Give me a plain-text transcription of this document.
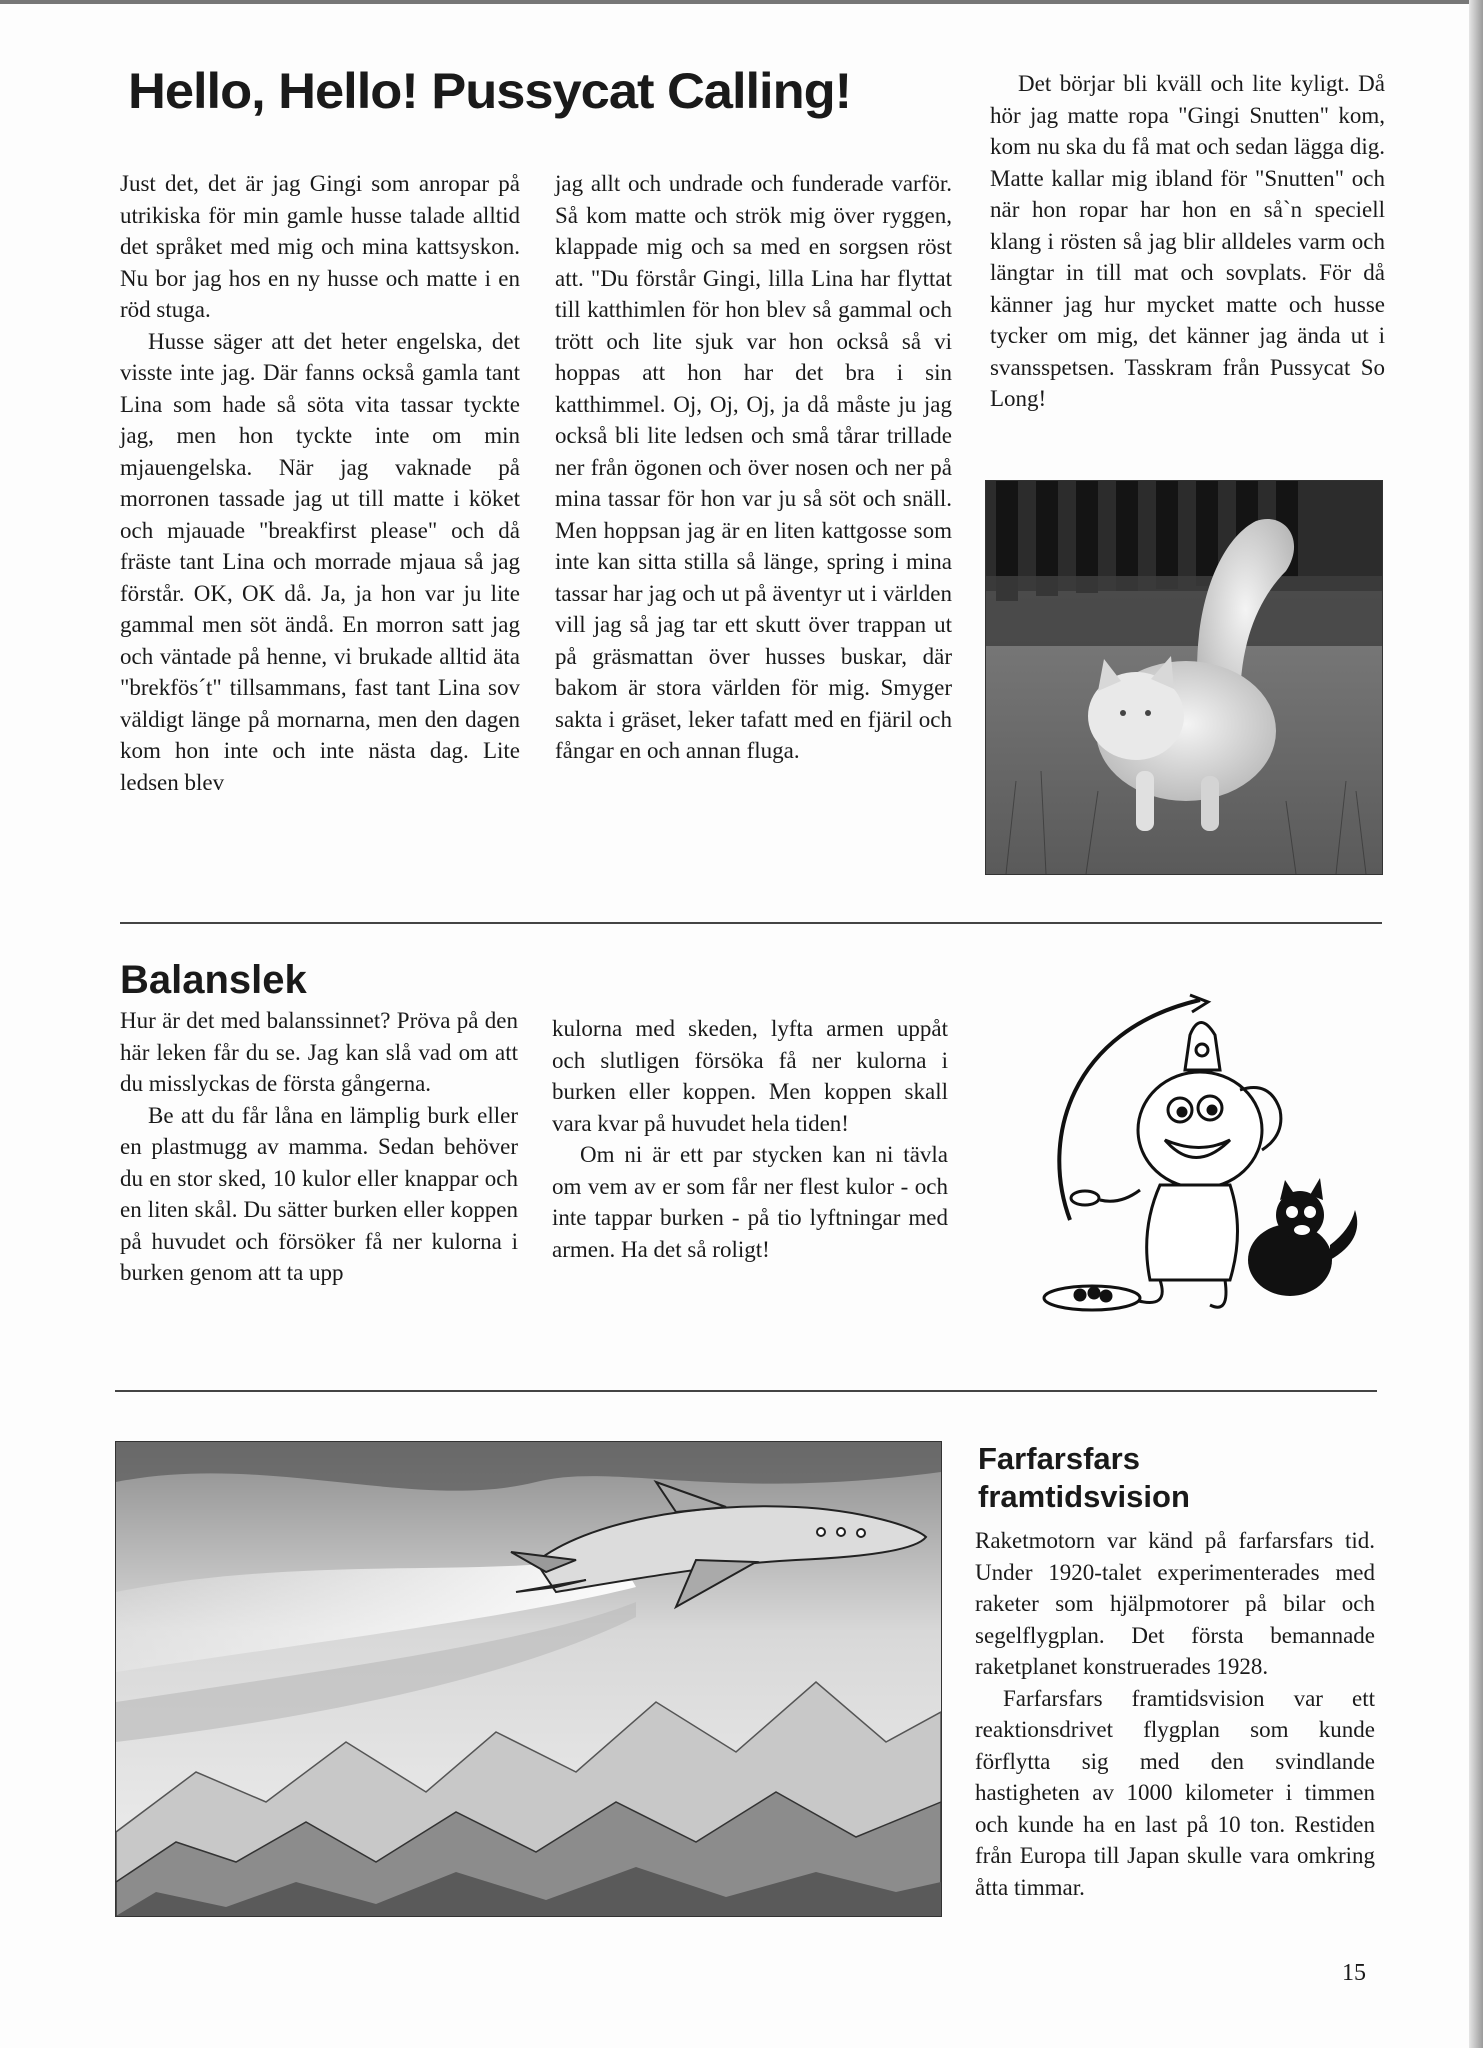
Hello, Hello! Pussycat Calling!

Just det, det är jag Gingi som anropar på utrikiska för min gamle husse talade alltid det språket med mig och mina kattsyskon. Nu bor jag hos en ny husse och matte i en röd stuga.

Husse säger att det heter engelska, det visste inte jag. Där fanns också gamla tant Lina som hade så söta vita tassar tyckte jag, men hon tyckte inte om min mjauengelska. När jag vaknade på morronen tassade jag ut till matte i köket och mjauade "breakfirst please" och då fräste tant Lina och morrade mjaua så jag förstår. OK, OK då. Ja, ja hon var ju lite gammal men söt ändå. En morron satt jag och väntade på henne, vi brukade alltid äta "brekfös´t" tillsammans, fast tant Lina sov väldigt länge på mornarna, men den dagen kom hon inte och inte nästa dag. Lite ledsen blev

jag allt och undrade och funderade varför. Så kom matte och strök mig över ryggen, klappade mig och sa med en sorgsen röst att. "Du förstår Gingi, lilla Lina har flyttat till katthimlen för hon blev så gammal och trött och lite sjuk var hon också så vi hoppas att hon har det bra i sin katthimmel. Oj, Oj, Oj, ja då måste ju jag också bli lite ledsen och små tårar trillade ner från ögonen och över nosen och ner på mina tassar för hon var ju så söt och snäll. Men hoppsan jag är en liten kattgosse som inte kan sitta stilla så länge, spring i mina tassar har jag och ut på äventyr ut i världen vill jag så jag tar ett skutt över trappan ut på gräsmattan över husses buskar, där bakom är stora världen för mig. Smyger sakta i gräset, leker tafatt med en fjäril och fångar en och annan fluga.

Det börjar bli kväll och lite kyligt. Då hör jag matte ropa "Gingi Snutten" kom, kom nu ska du få mat och sedan lägga dig. Matte kallar mig ibland för "Snutten" och när hon ropar har hon en så`n speciell klang i rösten så jag blir alldeles varm och längtar in till mat och sovplats. För då känner jag hur mycket matte och husse tycker om mig, det känner jag ända ut i svansspetsen. Tasskram från Pussycat So Long!

Balanslek

Hur är det med balanssinnet? Pröva på den här leken får du se. Jag kan slå vad om att du misslyckas de första gångerna.

Be att du får låna en lämplig burk eller en plastmugg av mamma. Sedan behöver du en stor sked, 10 kulor eller knappar och en liten skål. Du sätter burken eller koppen på huvudet och försöker få ner kulorna i burken genom att ta upp

kulorna med skeden, lyfta armen uppåt och slutligen försöka få ner kulorna i burken eller koppen. Men koppen skall vara kvar på huvudet hela tiden!

Om ni är ett par stycken kan ni tävla om vem av er som får ner flest kulor - och inte tappar burken - på tio lyftningar med armen. Ha det så roligt!

Farfarsfars
framtidsvision

Raketmotorn var känd på farfarsfars tid. Under 1920-talet experimenterades med raketer som hjälpmotorer på bilar och segelflygplan. Det första bemannade raketplanet konstruerades 1928.

Farfarsfars framtidsvision var ett reaktionsdrivet flygplan som kunde förflytta sig med den svindlande hastigheten av 1000 kilometer i timmen och kunde ha en last på 10 ton. Restiden från Europa till Japan skulle vara omkring åtta timmar.

15
